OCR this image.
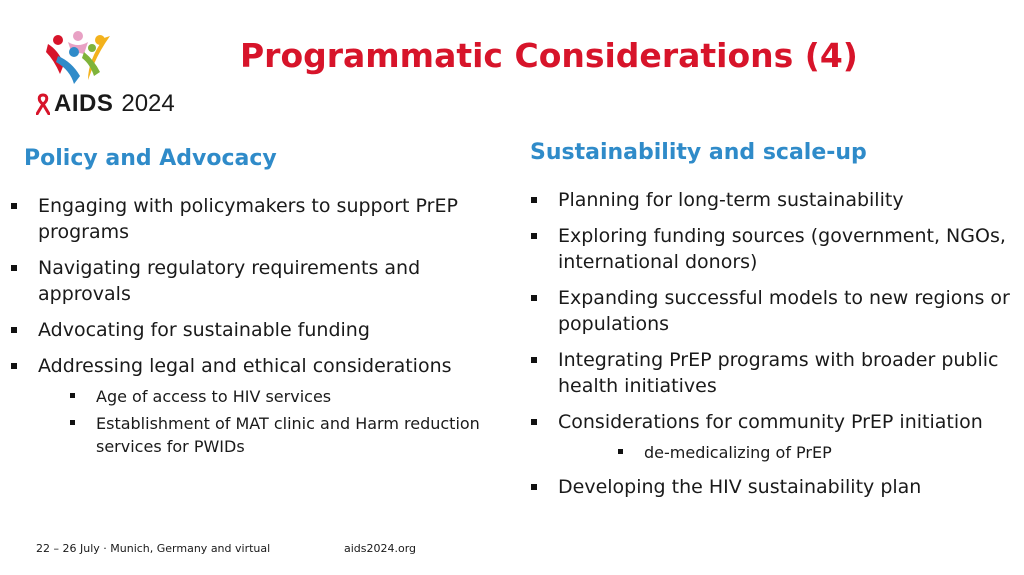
AIDS 2024
Programmatic Considerations (4)
Policy and Advocacy
Engaging with policymakers to support PrEP programs
Navigating regulatory requirements and approvals
Advocating for sustainable funding
Addressing legal and ethical considerations
Age of access to HIV services
Establishment of MAT clinic and Harm reduction services for PWIDs
Sustainability and scale-up
Planning for long-term sustainability
Exploring funding sources (government, NGOs, international donors)
Expanding successful models to new regions or populations
Integrating PrEP programs with broader public health initiatives
Considerations for community PrEP initiation
de-medicalizing of PrEP
Developing the HIV sustainability plan
22 – 26 July · Munich, Germany and virtual	aids2024.org
